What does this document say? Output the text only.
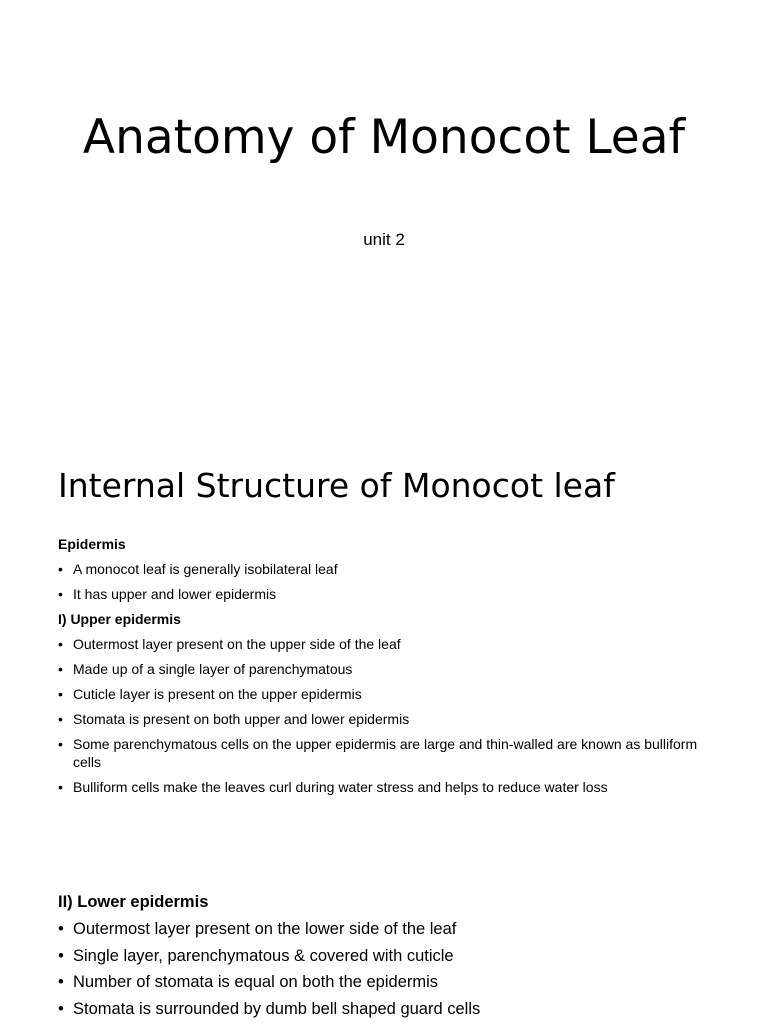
Anatomy of Monocot Leaf
unit 2
Internal Structure of Monocot leaf

Epidermis

• A monocot leaf is generally isobilateral leaf
• It has upper and lower epidermis

I) Upper epidermis

• Outermost layer present on the upper side of the leaf
• Made up of a single layer of parenchymatous
• Cuticle layer is present on the upper epidermis
• Stomata is present on both upper and lower epidermis
• Some parenchymatous cells on the upper epidermis are large and thin-walled are known as bulliform cells
• Bulliform cells make the leaves curl during water stress and helps to reduce water loss

II) Lower epidermis

• Outermost layer present on the lower side of the leaf
• Single layer, parenchymatous & covered with cuticle
• Number of stomata is equal on both the epidermis
• Stomata is surrounded by dumb bell shaped guard cells
